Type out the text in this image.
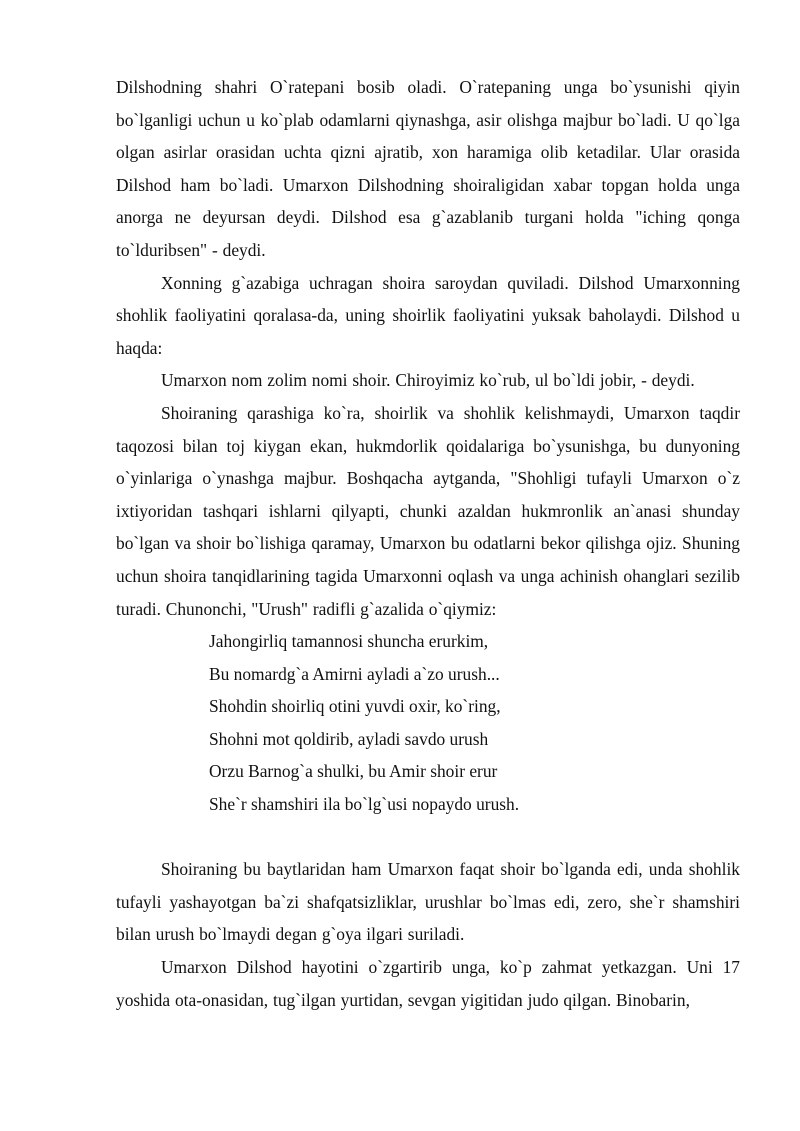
Dilshodning shahri O`ratepani bosib oladi. O`ratepaning unga bo`ysunishi qiyin bo`lganligi uchun u ko`plab odamlarni qiynashga, asir olishga majbur bo`ladi. U qo`lga olgan asirlar orasidan uchta qizni ajratib, xon haramiga olib ketadilar. Ular orasida Dilshod ham bo`ladi. Umarxon Dilshodning shoiraligidan xabar topgan holda unga anorga ne deyursan deydi. Dilshod esa g`azablanib turgani holda "iching qonga to`lduribsen" - deydi.

Xonning g`azabiga uchragan shoira saroydan quviladi. Dilshod Umarxonning shohlik faoliyatini qoralasa-da, uning shoirlik faoliyatini yuksak baholaydi. Dilshod u haqda:

Umarxon nom zolim nomi shoir. Chiroyimiz ko`rub, ul bo`ldi jobir, - deydi.

Shoiraning qarashiga ko`ra, shoirlik va shohlik kelishmaydi, Umarxon taqdir taqozosi bilan toj kiygan ekan, hukmdorlik qoidalariga bo`ysunishga, bu dunyoning o`yinlariga o`ynashga majbur. Boshqacha aytganda, "Shohligi tufayli Umarxon o`z ixtiyoridan tashqari ishlarni qilyapti, chunki azaldan hukmronlik an`anasi shunday bo`lgan va shoir bo`lishiga qaramay, Umarxon bu odatlarni bekor qilishga ojiz. Shuning uchun shoira tanqidlarining tagida Umarxonni oqlash va unga achinish ohanglari sezilib turadi. Chunonchi, "Urush" radifli g`azalida o`qiymiz:

Jahongirliq tamannosi shuncha erurkim,
Bu nomardg`a Amirni ayladi a`zo urush...
Shohdin shoirliq otini yuvdi oxir, ko`ring,
Shohni mot qoldirib, ayladi savdo urush
Orzu Barnog`a shulki, bu Amir shoir erur
She`r shamshiri ila bo`lg`usi nopaydo urush.

Shoiraning bu baytlaridan ham Umarxon faqat shoir bo`lganda edi, unda shohlik tufayli yashayotgan ba`zi shafqatsizliklar, urushlar bo`lmas edi, zero, she`r shamshiri bilan urush bo`lmaydi degan g`oya ilgari suriladi.

Umarxon Dilshod hayotini o`zgartirib unga, ko`p zahmat yetkazgan. Uni 17 yoshida ota-onasidan, tug`ilgan yurtidan, sevgan yigitidan judo qilgan. Binobarin,
